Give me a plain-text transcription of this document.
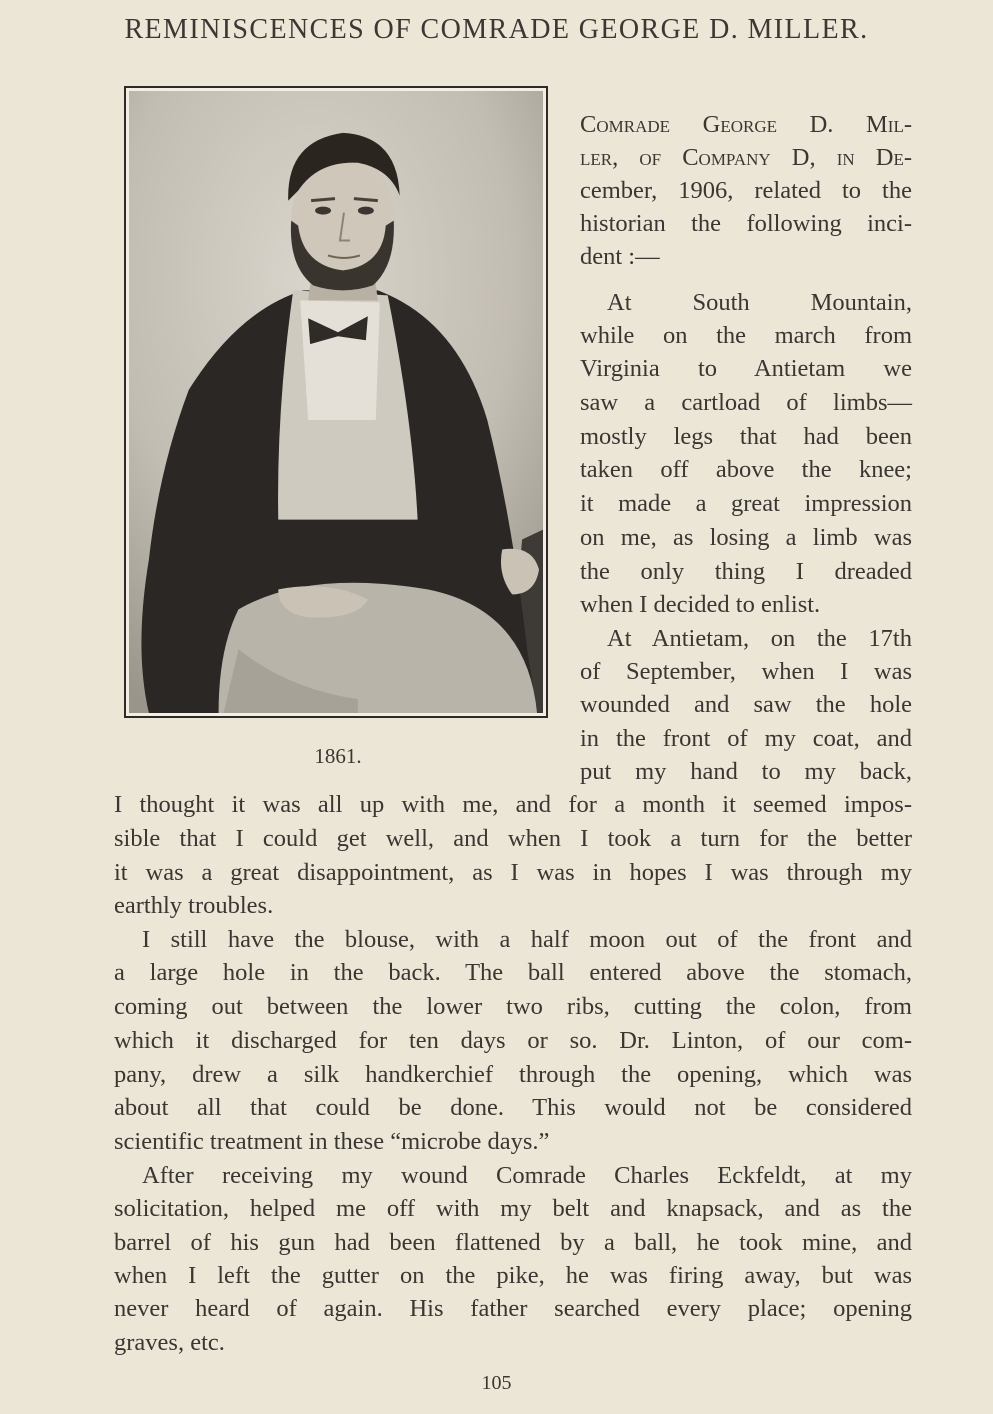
REMINISCENCES OF COMRADE GEORGE D. MILLER.
1861.
Comrade George D. Mil-
ler, of Company D, in De-
cember, 1906, related to the
historian the following inci-
dent :—
At South Mountain,
while on the march from
Virginia to Antietam we
saw a cartload of limbs—
mostly legs that had been
taken off above the knee;
it made a great impression
on me, as losing a limb was
the only thing I dreaded
when I decided to enlist.
At Antietam, on the 17th
of September, when I was
wounded and saw the hole
in the front of my coat, and
put my hand to my back,
I thought it was all up with me, and for a month it seemed impos-
sible that I could get well, and when I took a turn for the better
it was a great disappointment, as I was in hopes I was through my
earthly troubles.
I still have the blouse, with a half moon out of the front and
a large hole in the back. The ball entered above the stomach,
coming out between the lower two ribs, cutting the colon, from
which it discharged for ten days or so. Dr. Linton, of our com-
pany, drew a silk handkerchief through the opening, which was
about all that could be done. This would not be considered
scientific treatment in these “microbe days.”
After receiving my wound Comrade Charles Eckfeldt, at my
solicitation, helped me off with my belt and knapsack, and as the
barrel of his gun had been flattened by a ball, he took mine, and
when I left the gutter on the pike, he was firing away, but was
never heard of again. His father searched every place; opening
graves, etc.
105
